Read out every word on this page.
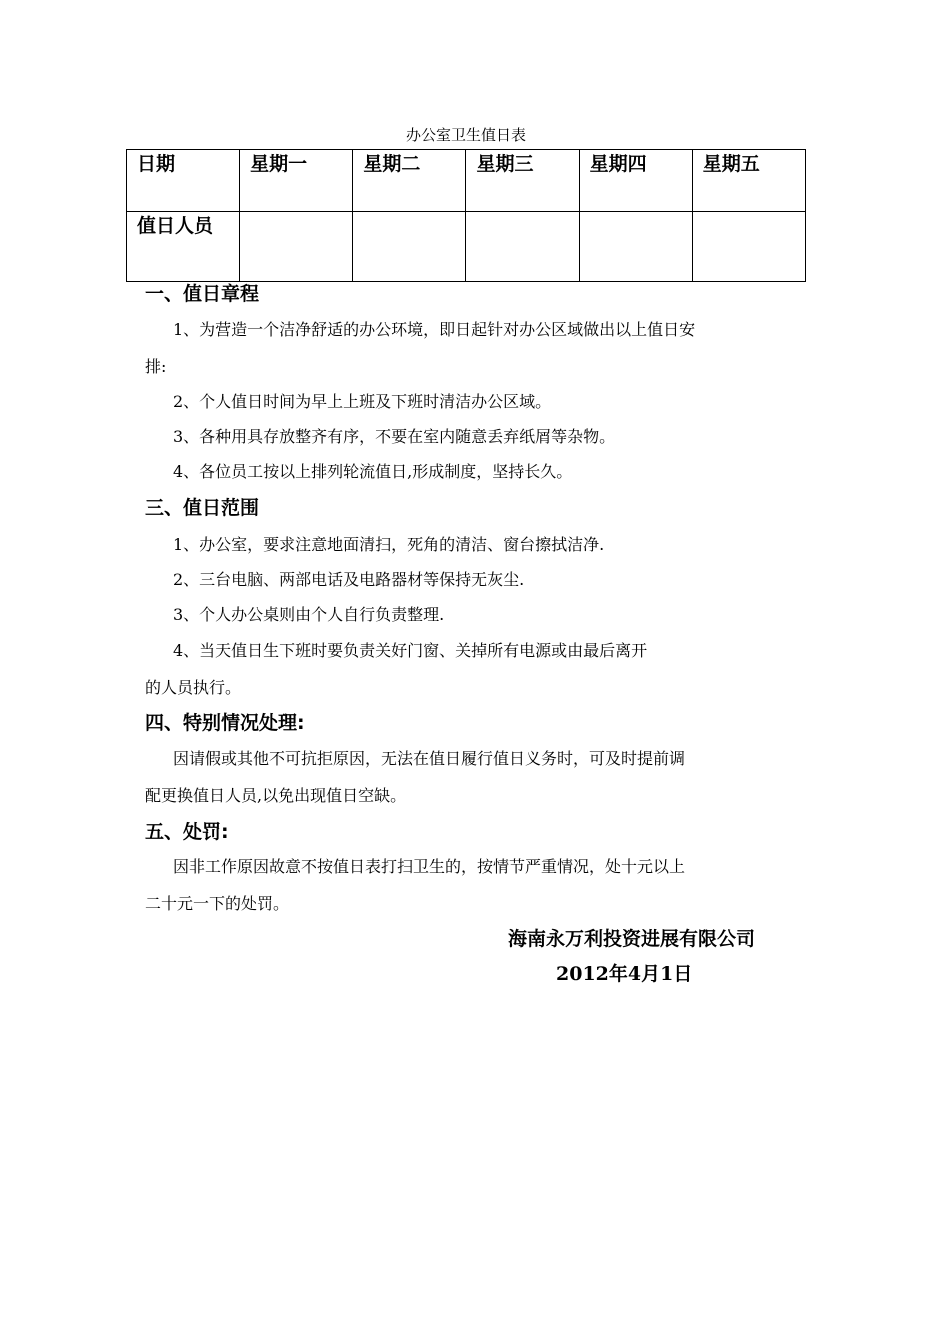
办公室卫生值日表
日期	星期一	星期二	星期三	星期四	星期五
值日人员					
一、值日章程
1、为营造一个洁净舒适的办公环境，即日起针对办公区域做出以上值日安
排:
2、个人值日时间为早上上班及下班时清洁办公区域。
3、各种用具存放整齐有序，不要在室内随意丢弃纸屑等杂物。
4、各位员工按以上排列轮流值日,形成制度，坚持长久。
三、值日范围
1、办公室，要求注意地面清扫，死角的清洁、窗台擦拭洁净.
2、三台电脑、两部电话及电路器材等保持无灰尘.
3、个人办公桌则由个人自行负责整理.
4、当天值日生下班时要负责关好门窗、关掉所有电源或由最后离开
的人员执行。
四、特别情况处理:
因请假或其他不可抗拒原因，无法在值日履行值日义务时，可及时提前调
配更换值日人员,以免出现值日空缺。
五、处罚:
因非工作原因故意不按值日表打扫卫生的，按情节严重情况，处十元以上
二十元一下的处罚。
海南永万利投资进展有限公司
2012年4月1日
